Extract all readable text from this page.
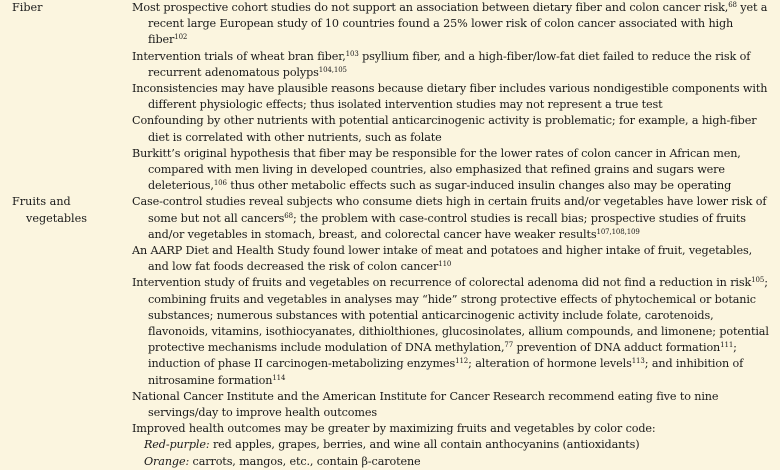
Fiber	Most prospective cohort studies do not support an association between dietary fiber and colon cancer risk,$^{68}$ yet a recent large European study of 10 countries found a 25% lower risk of colon cancer associated with high fiber$^{102}$

Intervention trials of wheat bran fiber,$^{103}$ psyllium fiber, and a high-fiber/low-fat diet failed to reduce the risk of recurrent adenomatous polyps$^{104,105}$

Inconsistencies may have plausible reasons because dietary fiber includes various nondigestible components with different physiologic effects; thus isolated intervention studies may not represent a true test

Confounding by other nutrients with potential anticarcinogenic activity is problematic; for example, a high-fiber diet is correlated with other nutrients, such as folate

Burkitt’s original hypothesis that fiber may be responsible for the lower rates of colon cancer in African men, compared with men living in developed countries, also emphasized that refined grains and sugars were deleterious,$^{106}$ thus other metabolic effects such as sugar-induced insulin changes also may be operating

Fruits and
vegetables

Case-control studies reveal subjects who consume diets high in certain fruits and/or vegetables have lower risk of some but not all cancers$^{68}$; the problem with case-control studies is recall bias; prospective studies of fruits and/or vegetables in stomach, breast, and colorectal cancer have weaker results$^{107,108,109}$

An AARP Diet and Health Study found lower intake of meat and potatoes and higher intake of fruit, vegetables, and low fat foods decreased the risk of colon cancer$^{110}$

Intervention study of fruits and vegetables on recurrence of colorectal adenoma did not find a reduction in risk$^{105}$; combining fruits and vegetables in analyses may “hide” strong protective effects of phytochemical or botanic substances; numerous substances with potential anticarcinogenic activity include folate, carotenoids, flavonoids, vitamins, isothiocyanates, dithiolthiones, glucosinolates, allium compounds, and limonene; potential protective mechanisms include modulation of DNA methylation,$^{77}$ prevention of DNA adduct formation$^{111}$; induction of phase II carcinogen-metabolizing enzymes$^{112}$; alteration of hormone levels$^{113}$; and inhibition of nitrosamine formation$^{114}$

National Cancer Institute and the American Institute for Cancer Research recommend eating five to nine servings/day to improve health outcomes

Improved health outcomes may be greater by maximizing fruits and vegetables by color code:

Red-purple: red apples, grapes, berries, and wine all contain anthocyanins (antioxidants)

Orange: carrots, mangos, etc., contain β-carotene
